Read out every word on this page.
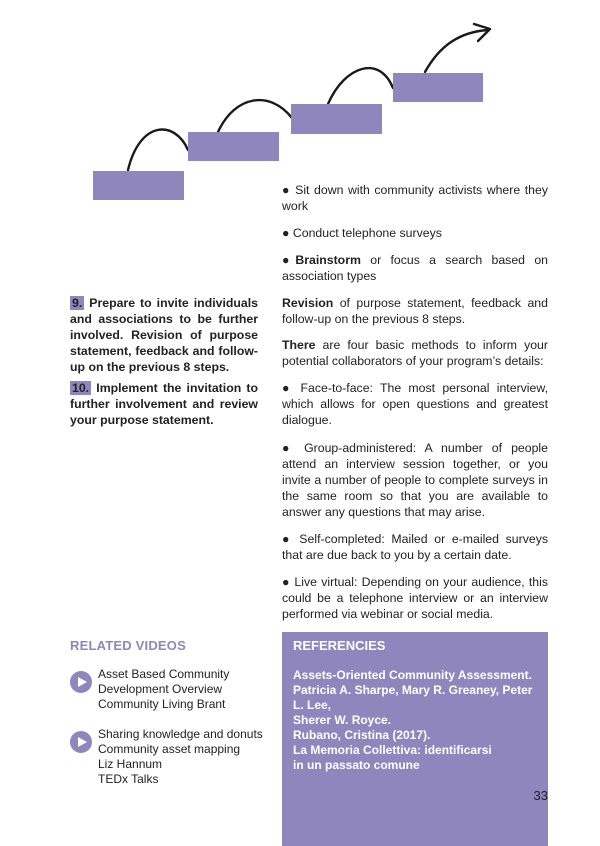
● Sit down with community activists where they work

● Conduct telephone surveys

●Brainstorm or focus a search based on association types

Revision of purpose statement, feedback and follow-up on the previous 8 steps.

There are four basic methods to inform your potential collaborators of your program’s details:

● Face-to-face: The most personal interview, which allows for open questions and greatest dialogue.

● Group-administered: A number of people attend an interview session together, or you invite a number of people to complete surveys in the same room so that you are available to answer any questions that may arise.

● Self-completed: Mailed or e-mailed surveys that are due back to you by a certain date.

● Live virtual: Depending on your audience, this could be a telephone interview or an interview performed via webinar or social media.

9. Prepare to invite individuals and associations to be further involved. Revision of purpose statement, feedback and follow-up on the previous 8 steps.

10. Implement the invitation to further involvement and review your purpose statement.

RELATED VIDEOS
Asset Based Community
Development Overview
Community Living Brant
Sharing knowledge and donuts
Community asset mapping
Liz Hannum
TEDx Talks
REFERENCIES
Assets-Oriented Community Assessment.
Patricia A. Sharpe, Mary R. Greaney, Peter L. Lee,
Sherer W. Royce.
Rubano, Cristina (2017).
La Memoria Collettiva: identificarsi
in un passato comune
33
